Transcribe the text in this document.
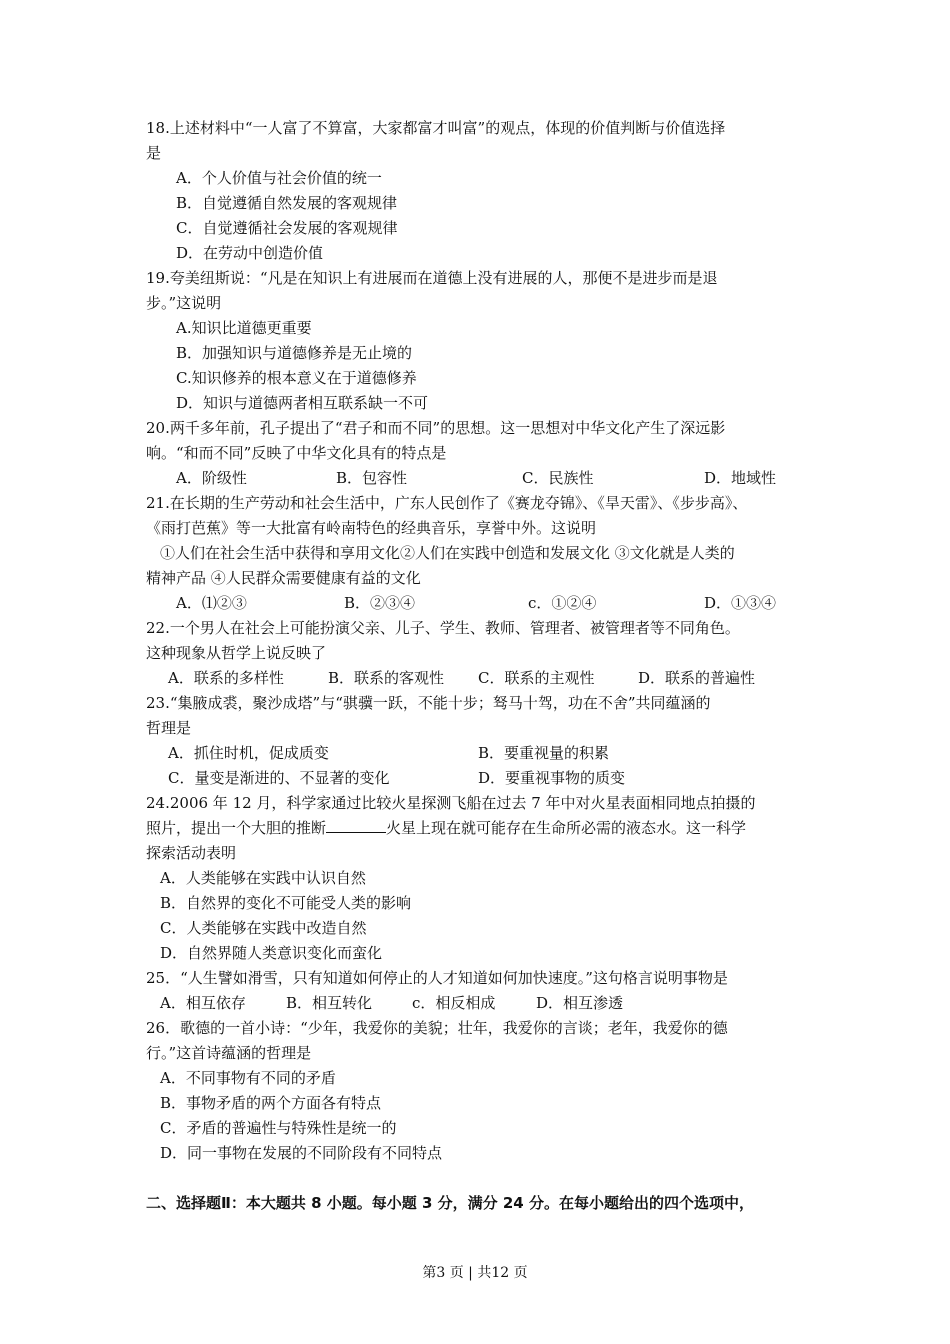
18.上述材料中“一人富了不算富，大家都富才叫富”的观点，体现的价值判断与价值选择
是
A．个人价值与社会价值的统一
B．自觉遵循自然发展的客观规律
C．自觉遵循社会发展的客观规律
D．在劳动中创造价值
19.夸美纽斯说：“凡是在知识上有进展而在道德上没有进展的人，那便不是进步而是退
步。”这说明
A.知识比道德更重要
B．加强知识与道德修养是无止境的
C.知识修养的根本意义在于道德修养
D．知识与道德两者相互联系缺一不可
20.两千多年前，孔子提出了“君子和而不同”的思想。这一思想对中华文化产生了深远影
响。“和而不同”反映了中华文化具有的特点是
A．阶级性	B．包容性	C．民族性	D．地域性
21.在长期的生产劳动和社会生活中，广东人民创作了《赛龙夺锦》、《旱天雷》、《步步高》、
《雨打芭蕉》等一大批富有岭南特色的经典音乐，享誉中外。这说明
①人们在社会生活中获得和享用文化②人们在实践中创造和发展文化 ③文化就是人类的
精神产品 ④人民群众需要健康有益的文化
A．⑴②③	B．②③④	c．①②④	D．①③④
22.一个男人在社会上可能扮演父亲、儿子、学生、教师、管理者、被管理者等不同角色。
这种现象从哲学上说反映了
A．联系的多样性	B．联系的客观性 C．联系的主观性	D．联系的普遍性
23.“集腋成裘，聚沙成塔”与“骐骥一跃，不能十步；驽马十驾，功在不舍”共同蕴涵的
哲理是
A．抓住时机，促成质变	B．要重视量的积累
C．量变是渐进的、不显著的变化	D．要重视事物的质变
24.2006 年 12 月，科学家通过比较火星探测飞船在过去 7 年中对火星表面相同地点拍摄的
照片，提出一个大胆的推断	火星上现在就可能存在生命所必需的液态水。这一科学
探索活动表明
A．人类能够在实践中认识自然
B．自然界的变化不可能受人类的影响
C．人类能够在实践中改造自然
D．自然界随人类意识变化而蛮化
25．“人生譬如滑雪，只有知道如何停止的人才知道如何加快速度。”这句格言说明事物是
A．相互依存	B．相互转化	c．相反相成	D．相互渗透
26．歌德的一首小诗：“少年，我爱你的美貌；壮年，我爱你的言谈；老年，我爱你的德
行。”这首诗蕴涵的哲理是
A．不同事物有不同的矛盾
B．事物矛盾的两个方面各有特点
C．矛盾的普遍性与特殊性是统一的
D．同一事物在发展的不同阶段有不同特点
二、选择题Ⅱ：本大题共 8 小题。每小题 3 分，满分 24 分。在每小题给出的四个选项中，
第3 页 | 共12 页
